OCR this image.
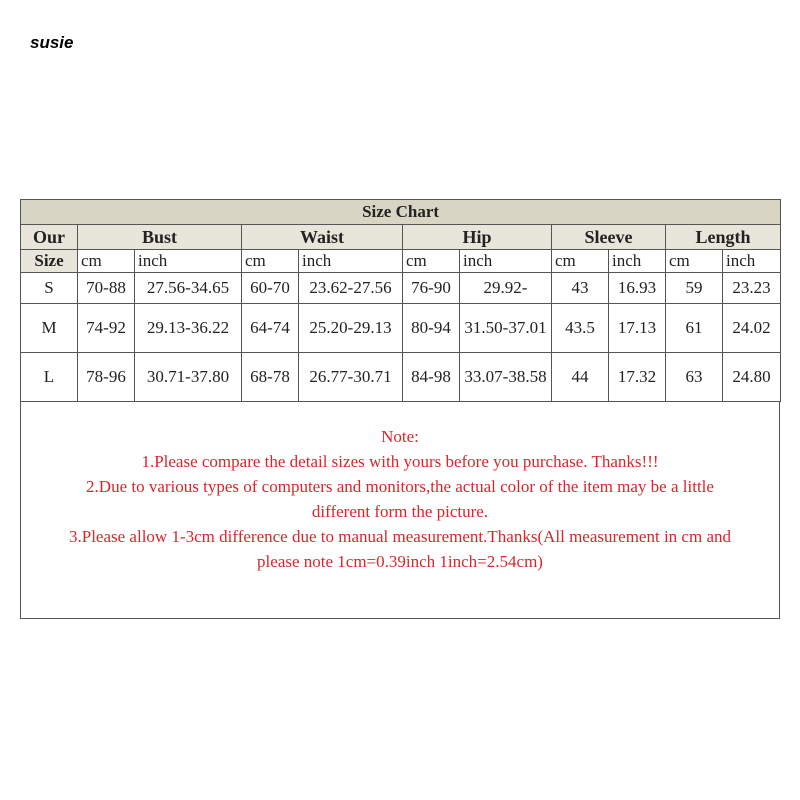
susie
Size Chart										
Our	Bust		Waist		Hip		Sleeve		Length	
Size	cm	inch	cm	inch	cm	inch	cm	inch	cm	inch
S	70-88	27.56-34.65	60-70	23.62-27.56	76-90	29.92-	43	16.93	59	23.23
M	74-92	29.13-36.22	64-74	25.20-29.13	80-94	31.50-37.01	43.5	17.13	61	24.02
L	78-96	30.71-37.80	68-78	26.77-30.71	84-98	33.07-38.58	44	17.32	63	24.80
Note:
1.Please compare the detail sizes with yours before you purchase. Thanks!!!
2.Due to various types of computers and monitors,the actual color of the item may be a little
different form the picture.
3.Please allow 1-3cm difference due to manual measurement.Thanks(All measurement in cm and
please note 1cm=0.39inch 1inch=2.54cm)
